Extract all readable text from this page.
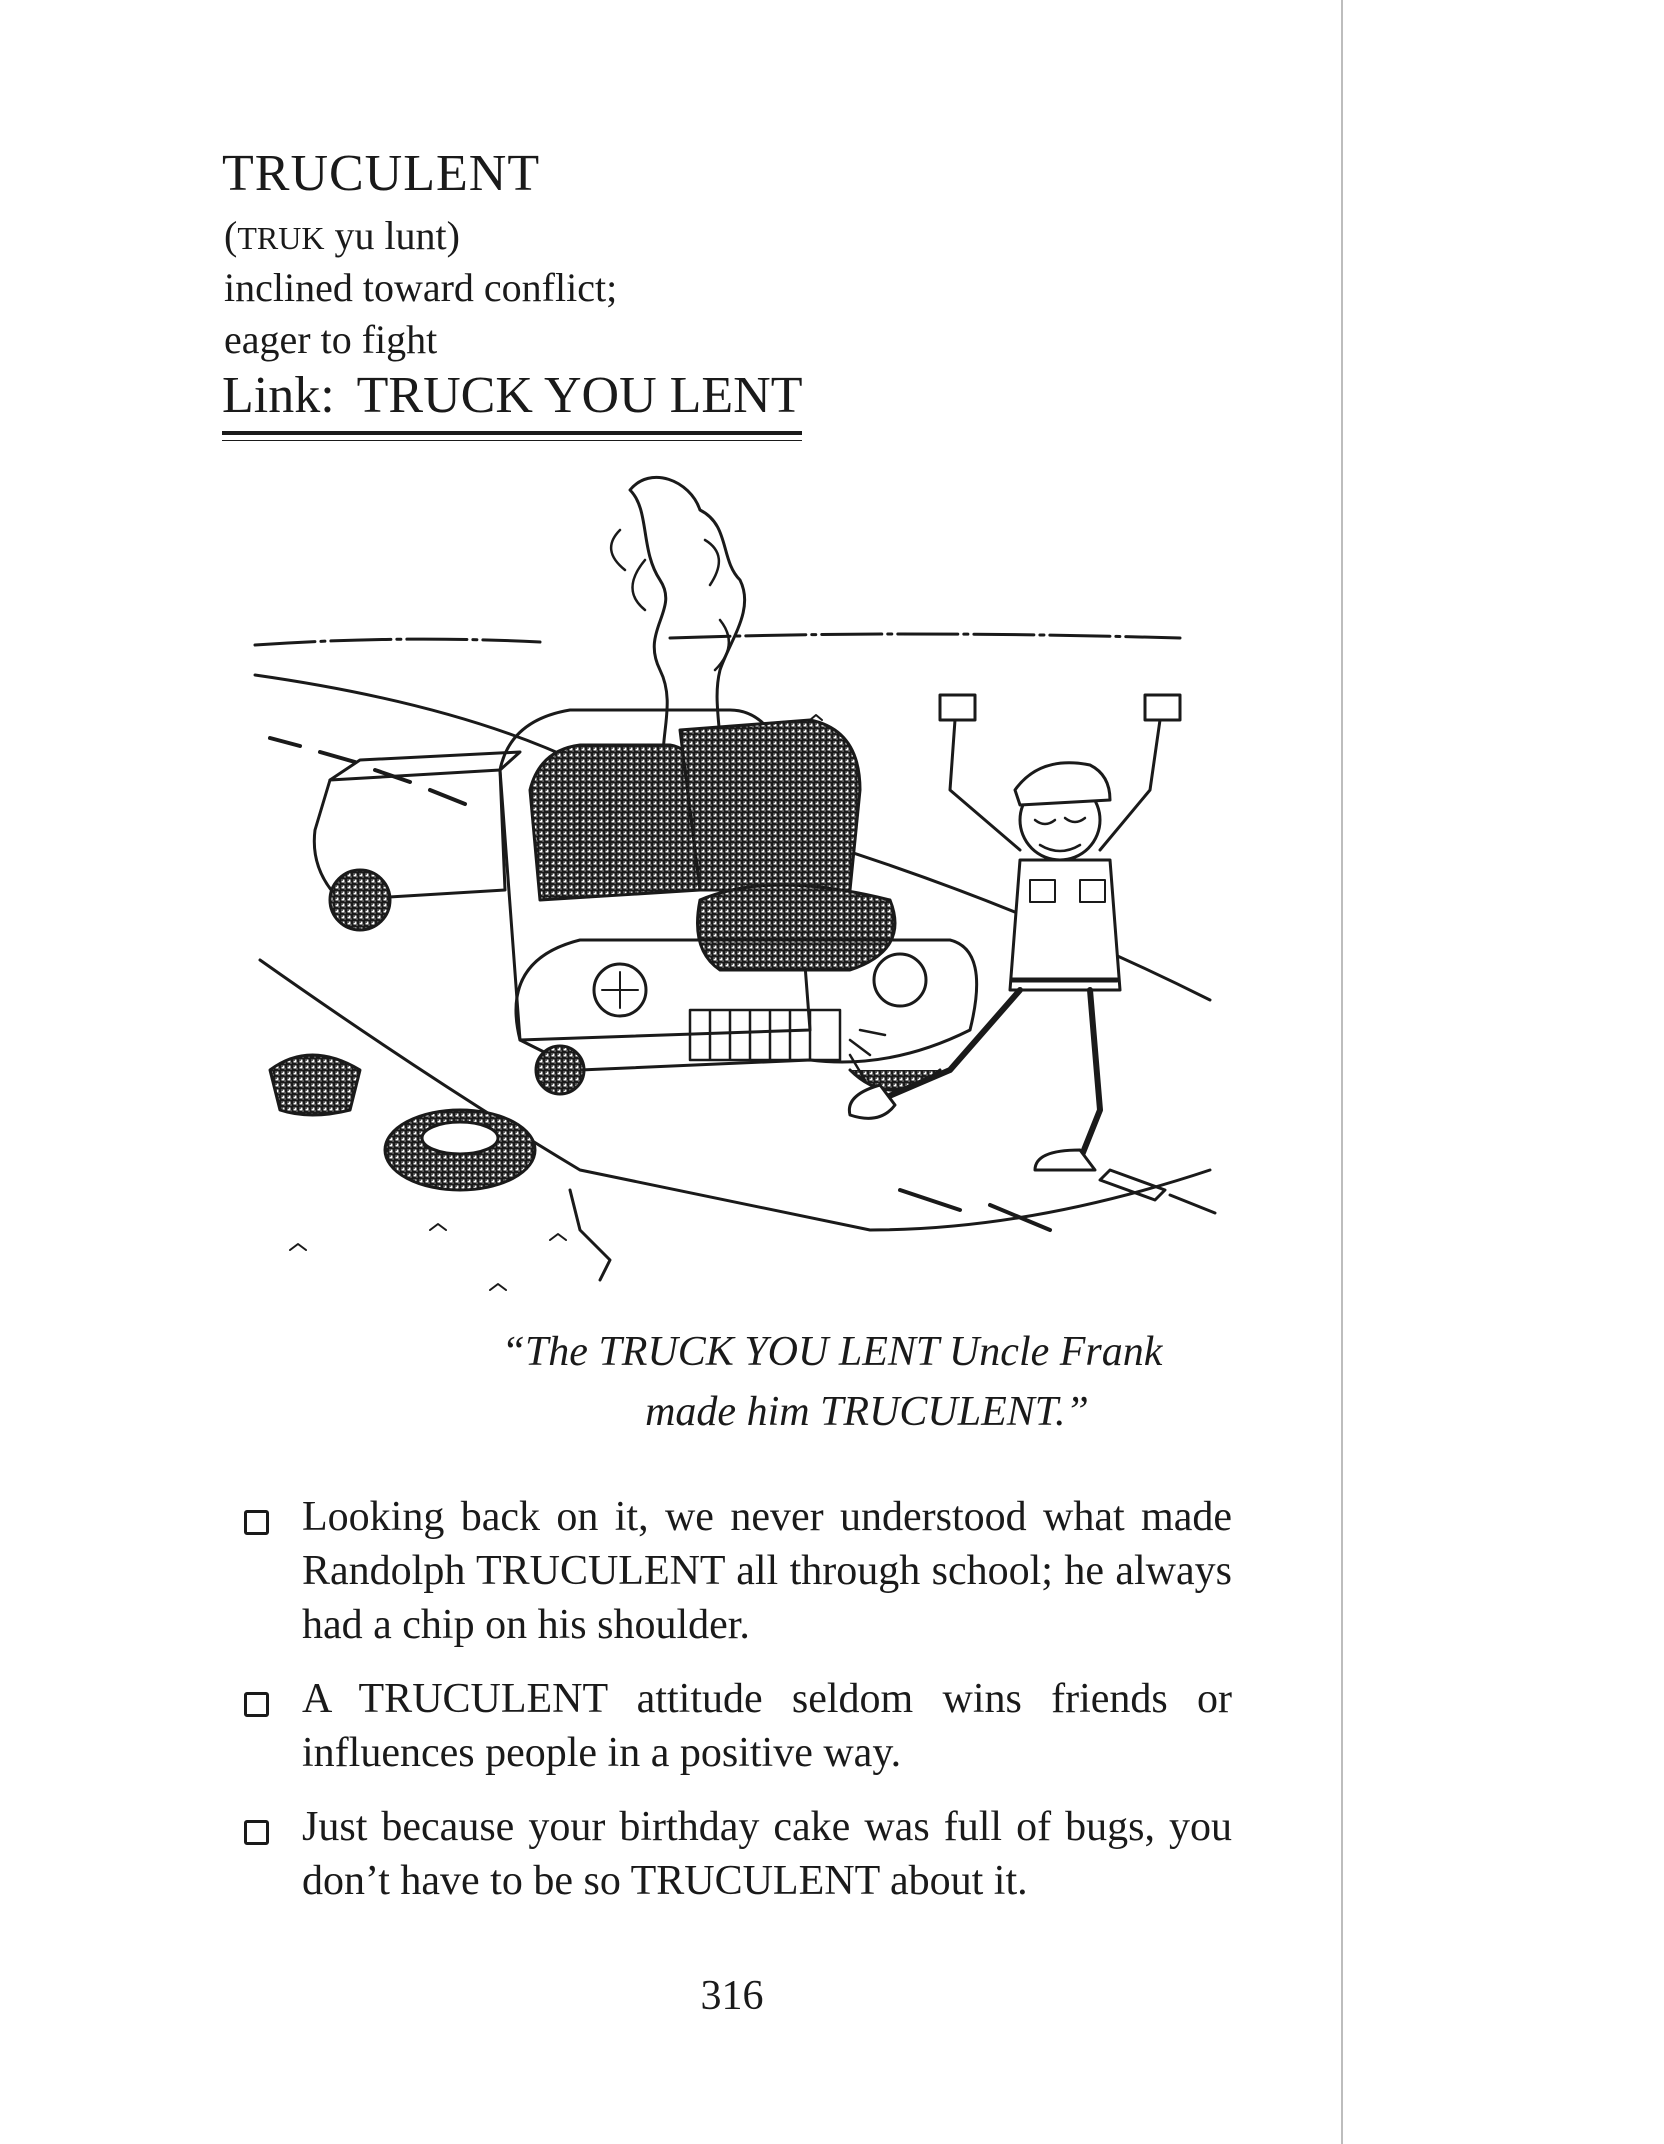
TRUCULENT
(TRUK yu lunt)
inclined toward conflict;
eager to fight
Link: TRUCK YOU LENT
“The TRUCK YOU LENT Uncle Frank
made him TRUCULENT.”
Looking back on it, we never understood what made Randolph TRUCULENT all through school; he always had a chip on his shoulder.
A TRUCULENT attitude seldom wins friends or influences people in a positive way.
Just because your birthday cake was full of bugs, you don’t have to be so TRUCULENT about it.
316
